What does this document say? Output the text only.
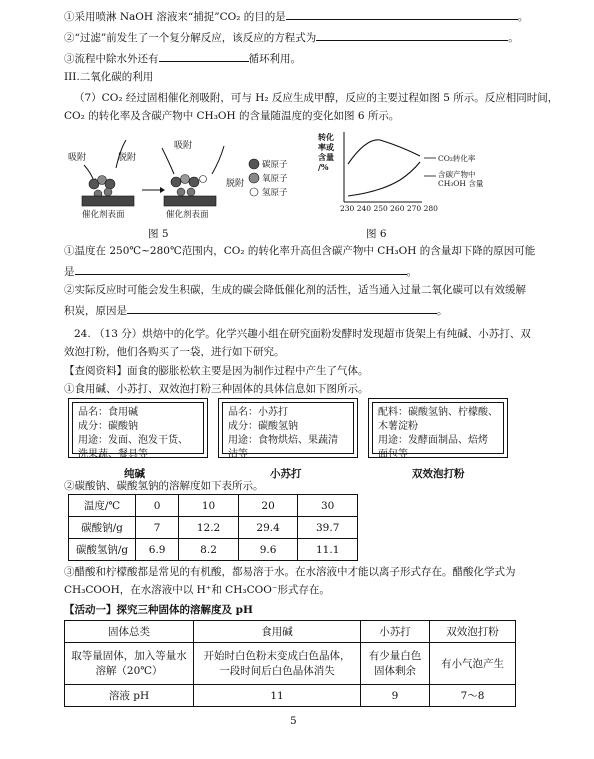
①采用喷淋 NaOH 溶液来“捕捉”CO₂ 的目的是	。
②“过滤”前发生了一个复分解反应，该反应的方程式为	。
③流程中除水外还有	循环利用。
III.二氧化碳的利用
（7）CO₂ 经过固相催化剂吸附，可与 H₂ 反应生成甲醇，反应的主要过程如图 5 所示。反应相同时间，
CO₂ 的转化率及含碳产物中 CH₃OH 的含量随温度的变化如图 6 所示。
吸附	脱附
吸附
脱附
催化剂表面	催化剂表面
碳原子
氧原子
氢原子
图 5
转化
率或
含量
/%
CO₂转化率
含碳产物中
CH₃OH 含量
230 240 250 260 270 280
图 6
①温度在 250℃~280℃范围内，CO₂ 的转化率升高但含碳产物中 CH₃OH 的含量却下降的原因可能
是	。
②实际反应时可能会发生积碳，生成的碳会降低催化剂的活性，适当通入过量二氧化碳可以有效缓解
积炭，原因是	。
24. （13 分）烘焙中的化学。化学兴趣小组在研究面粉发酵时发现超市货架上有纯碱、小苏打、双
效泡打粉，他们各购买了一袋，进行如下研究。
【查阅资料】面食的膨胀松软主要是因为制作过程中产生了气体。
①食用碱、小苏打、双效泡打粉三种固体的具体信息如下图所示。
品名：食用碱
成分：碳酸钠
用途：发面、泡发干货、
洗果蔬、餐具等
品名：小苏打
成分：碳酸氢钠
用途：食物烘焙、果蔬清
洁等
配料：碳酸氢钠、柠檬酸、
木薯淀粉
用途：发酵面制品、焙烤
面包等
纯碱	小苏打	双效泡打粉
②碳酸钠、碳酸氢钠的溶解度如下表所示。
温度/℃	0	10	20	30
碳酸钠/g	7	12.2	29.4	39.7
碳酸氢钠/g	6.9	8.2	9.6	11.1
③醋酸和柠檬酸都是常见的有机酸，都易溶于水。在水溶液中才能以离子形式存在。醋酸化学式为
CH₃COOH，在水溶液中以 H⁺和 CH₃COO⁻形式存在。
【活动一】探究三种固体的溶解度及 pH
固体总类	食用碱	小苏打	双效泡打粉
取等量固体，加入等量水溶解（20℃）	开始时白色粉末变成白色晶体，一段时间后白色晶体消失	有少量白色固体剩余	有小气泡产生
溶液 pH	11	9	7～8
5
